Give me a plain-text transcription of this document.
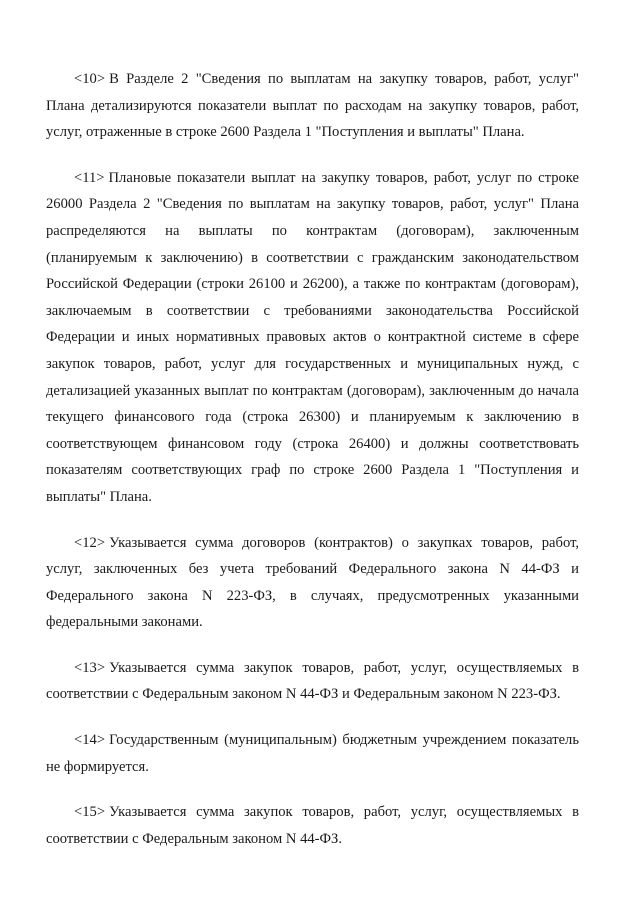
<10> В Разделе 2 "Сведения по выплатам на закупку товаров, работ, услуг" Плана детализируются показатели выплат по расходам на закупку товаров, работ, услуг, отраженные в строке 2600 Раздела 1 "Поступления и выплаты" Плана.

<11> Плановые показатели выплат на закупку товаров, работ, услуг по строке 26000 Раздела 2 "Сведения по выплатам на закупку товаров, работ, услуг" Плана распределяются на выплаты по контрактам (договорам), заключенным (планируемым к заключению) в соответствии с гражданским законодательством Российской Федерации (строки 26100 и 26200), а также по контрактам (договорам), заключаемым в соответствии с требованиями законодательства Российской Федерации и иных нормативных правовых актов о контрактной системе в сфере закупок товаров, работ, услуг для государственных и муниципальных нужд, с детализацией указанных выплат по контрактам (договорам), заключенным до начала текущего финансового года (строка 26300) и планируемым к заключению в соответствующем финансовом году (строка 26400) и должны соответствовать показателям соответствующих граф по строке 2600 Раздела 1 "Поступления и выплаты" Плана.

<12> Указывается сумма договоров (контрактов) о закупках товаров, работ, услуг, заключенных без учета требований Федерального закона N 44-ФЗ и Федерального закона N 223-ФЗ, в случаях, предусмотренных указанными федеральными законами.

<13> Указывается сумма закупок товаров, работ, услуг, осуществляемых в соответствии с Федеральным законом N 44-ФЗ и Федеральным законом N 223-ФЗ.

<14> Государственным (муниципальным) бюджетным учреждением показатель не формируется.

<15> Указывается сумма закупок товаров, работ, услуг, осуществляемых в соответствии с Федеральным законом N 44-ФЗ.
